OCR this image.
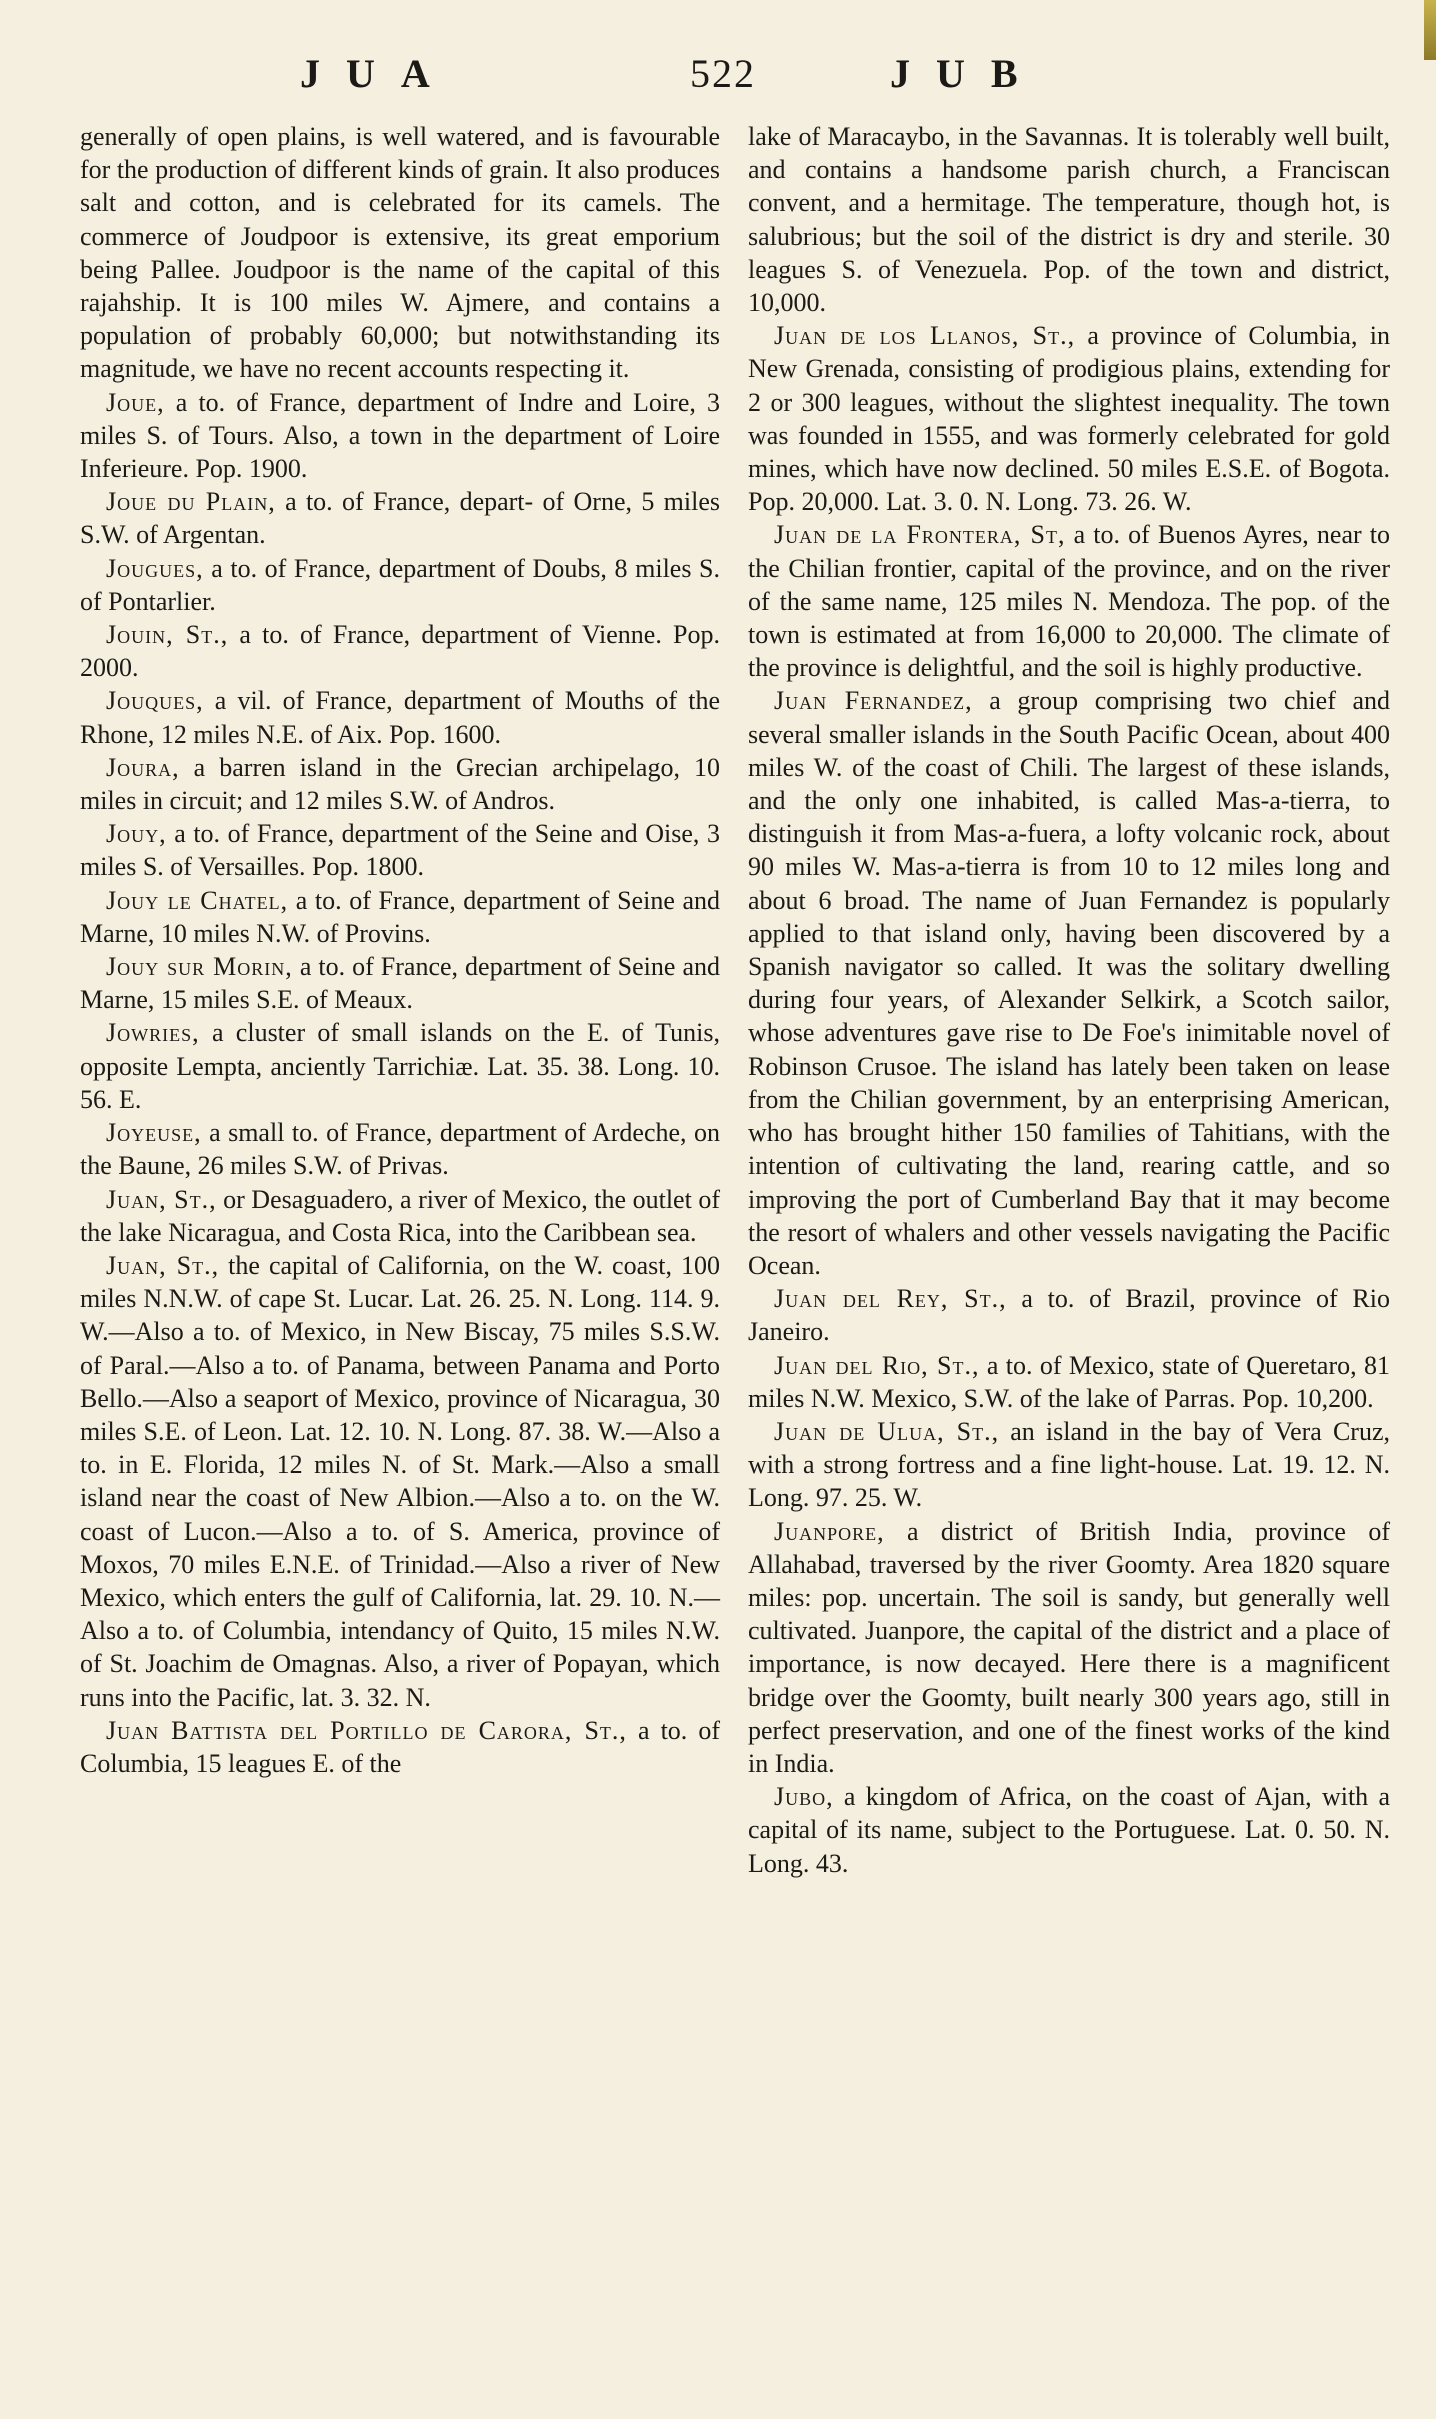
JUA	522	JUB

generally of open plains, is well watered, and is favourable for the production of different kinds of grain. It also produces salt and cotton, and is celebrated for its camels. The commerce of Joudpoor is extensive, its great emporium being Pallee. Joudpoor is the name of the capital of this rajahship. It is 100 miles W. Ajmere, and contains a population of probably 60,000; but notwithstanding its magnitude, we have no recent accounts respecting it.

Joue, a to. of France, department of Indre and Loire, 3 miles S. of Tours. Also, a town in the department of Loire Inferieure. Pop. 1900.

Joue du Plain, a to. of France, depart- of Orne, 5 miles S.W. of Argentan.

Jougues, a to. of France, department of Doubs, 8 miles S. of Pontarlier.

Jouin, St., a to. of France, department of Vienne. Pop. 2000.

Jouques, a vil. of France, department of Mouths of the Rhone, 12 miles N.E. of Aix. Pop. 1600.

Joura, a barren island in the Grecian archipelago, 10 miles in circuit; and 12 miles S.W. of Andros.

Jouy, a to. of France, department of the Seine and Oise, 3 miles S. of Versailles. Pop. 1800.

Jouy le Chatel, a to. of France, department of Seine and Marne, 10 miles N.W. of Provins.

Jouy sur Morin, a to. of France, department of Seine and Marne, 15 miles S.E. of Meaux.

Jowries, a cluster of small islands on the E. of Tunis, opposite Lempta, anciently Tarrichiæ. Lat. 35. 38. Long. 10. 56. E.

Joyeuse, a small to. of France, department of Ardeche, on the Baune, 26 miles S.W. of Privas.

Juan, St., or Desaguadero, a river of Mexico, the outlet of the lake Nicaragua, and Costa Rica, into the Caribbean sea.

Juan, St., the capital of California, on the W. coast, 100 miles N.N.W. of cape St. Lucar. Lat. 26. 25. N. Long. 114. 9. W.—Also a to. of Mexico, in New Biscay, 75 miles S.S.W. of Paral.—Also a to. of Panama, between Panama and Porto Bello.—Also a seaport of Mexico, province of Nicaragua, 30 miles S.E. of Leon. Lat. 12. 10. N. Long. 87. 38. W.—Also a to. in E. Florida, 12 miles N. of St. Mark.—Also a small island near the coast of New Albion.—Also a to. on the W. coast of Lucon.—Also a to. of S. America, province of Moxos, 70 miles E.N.E. of Trinidad.—Also a river of New Mexico, which enters the gulf of California, lat. 29. 10. N.—Also a to. of Columbia, intendancy of Quito, 15 miles N.W. of St. Joachim de Omagnas. Also, a river of Popayan, which runs into the Pacific, lat. 3. 32. N.

Juan Battista del Portillo de Carora, St., a to. of Columbia, 15 leagues E. of the

lake of Maracaybo, in the Savannas. It is tolerably well built, and contains a handsome parish church, a Franciscan convent, and a hermitage. The temperature, though hot, is salubrious; but the soil of the district is dry and sterile. 30 leagues S. of Venezuela. Pop. of the town and district, 10,000.

Juan de los Llanos, St., a province of Columbia, in New Grenada, consisting of prodigious plains, extending for 2 or 300 leagues, without the slightest inequality. The town was founded in 1555, and was formerly celebrated for gold mines, which have now declined. 50 miles E.S.E. of Bogota. Pop. 20,000. Lat. 3. 0. N. Long. 73. 26. W.

Juan de la Frontera, St, a to. of Buenos Ayres, near to the Chilian frontier, capital of the province, and on the river of the same name, 125 miles N. Mendoza. The pop. of the town is estimated at from 16,000 to 20,000. The climate of the province is delightful, and the soil is highly productive.

Juan Fernandez, a group comprising two chief and several smaller islands in the South Pacific Ocean, about 400 miles W. of the coast of Chili. The largest of these islands, and the only one inhabited, is called Mas-a-tierra, to distinguish it from Mas-a-fuera, a lofty volcanic rock, about 90 miles W. Mas-a-tierra is from 10 to 12 miles long and about 6 broad. The name of Juan Fernandez is popularly applied to that island only, having been discovered by a Spanish navigator so called. It was the solitary dwelling during four years, of Alexander Selkirk, a Scotch sailor, whose adventures gave rise to De Foe's inimitable novel of Robinson Crusoe. The island has lately been taken on lease from the Chilian government, by an enterprising American, who has brought hither 150 families of Tahitians, with the intention of cultivating the land, rearing cattle, and so improving the port of Cumberland Bay that it may become the resort of whalers and other vessels navigating the Pacific Ocean.

Juan del Rey, St., a to. of Brazil, province of Rio Janeiro.

Juan del Rio, St., a to. of Mexico, state of Queretaro, 81 miles N.W. Mexico, S.W. of the lake of Parras. Pop. 10,200.

Juan de Ulua, St., an island in the bay of Vera Cruz, with a strong fortress and a fine light-house. Lat. 19. 12. N. Long. 97. 25. W.

Juanpore, a district of British India, province of Allahabad, traversed by the river Goomty. Area 1820 square miles: pop. uncertain. The soil is sandy, but generally well cultivated. Juanpore, the capital of the district and a place of importance, is now decayed. Here there is a magnificent bridge over the Goomty, built nearly 300 years ago, still in perfect preservation, and one of the finest works of the kind in India.

Jubo, a kingdom of Africa, on the coast of Ajan, with a capital of its name, subject to the Portuguese. Lat. 0. 50. N. Long. 43.
